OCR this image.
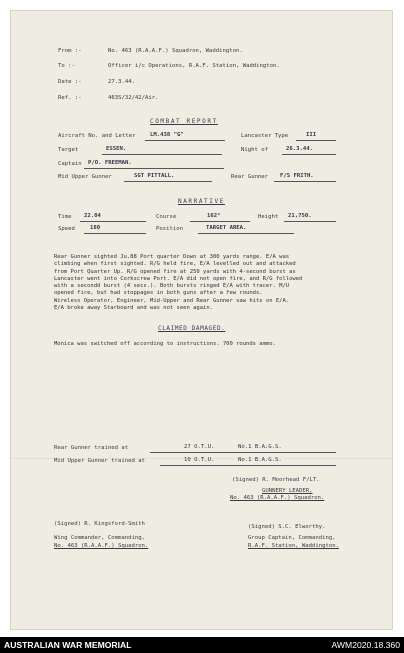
From :-	No. 463 (R.A.A.F.) Squadron, Waddington.
To :-	Officer i/c Operations, R.A.F. Station, Waddington.
Date :-	27.3.44.
Ref. :-	463S/32/42/Air.
COMBAT REPORT
Aircraft No. and Letter	LM.438 "G"	Lancaster Type	III
Target	ESSEN.	Night of	26.3.44.
Captain P/O. FREEMAN.
Mid Upper Gunner	SGT PITTALL.	Rear Gunner F/S FRITH.
NARRATIVE
Time 22.04	Course	162°	Height 21,750.
Speed	180	Position	TARGET AREA.
Rear Gunner sighted Ju.88 Port quarter Down at 300 yards range. E/A was
climbing when first sighted. R/G held fire, E/A levelled out and attacked
from Port Quarter Up. R/G opened fire at 250 yards with 4-second burst as
Lancaster went into Corkscrew Port. E/A did not open fire, and R/G followed
with a secondd burst (4 secs.). Both bursts ringed E/A with tracer. M/U
opened fire, but had stoppages in both guns after a few rounds.
Wireless Operator, Engineer, Mid-Upper and Rear Gunner saw hits on E/A.
E/A broke away Starboard and was not seen again.
CLAIMED DAMAGED.
Monica was switched off according to instructions. 700 rounds ammo.
Rear Gunner trained at	27 O.T.U.	No.1 B.A.G.S.
Mid Upper Gunner trained at	10 O.T.U.	No.1 B.A.G.S.
(Signed) R. Moorhead F/LT.
GUNNERY LEADER,
No. 463 (R.A.A.F.) Squadron.
(Signed) R. Kingsford-Smith
Wing Commander, Commanding,
No. 463 (R.A.A.F.) Squadron.
(Signed) S.C. Elworthy.
Group Captain, Commanding,
R.A.F. Station, Waddington.
AUSTRALIAN WAR MEMORIAL	AWM2020.18.360
